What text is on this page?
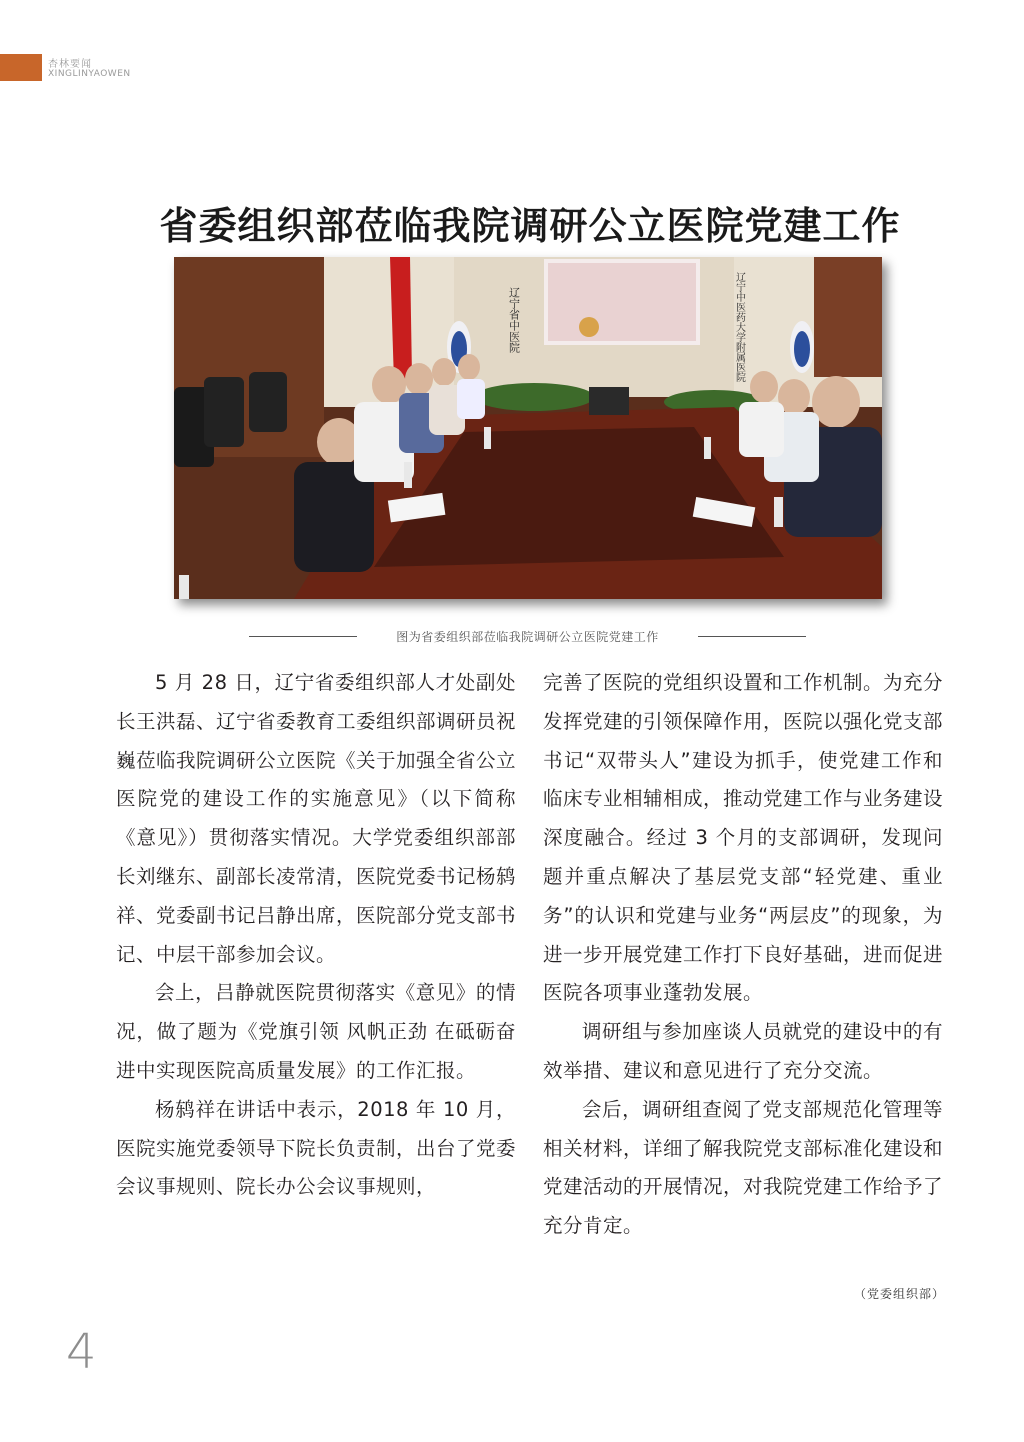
杏林要闻
XINGLINYAOWEN
省委组织部莅临我院调研公立医院党建工作
辽宁省中医院	辽宁中医药大学附属医院
图为省委组织部莅临我院调研公立医院党建工作

5 月 28 日，辽宁省委组织部人才处副处长王洪磊、辽宁省委教育工委组织部调研员祝巍莅临我院调研公立医院《关于加强全省公立医院党的建设工作的实施意见》（以下简称《意见》）贯彻落实情况。大学党委组织部部长刘继东、副部长凌常清，医院党委书记杨鸫祥、党委副书记吕静出席，医院部分党支部书记、中层干部参加会议。

会上，吕静就医院贯彻落实《意见》的情况，做了题为《党旗引领 风帆正劲 在砥砺奋进中实现医院高质量发展》的工作汇报。

杨鸫祥在讲话中表示，2018 年 10 月，医院实施党委领导下院长负责制，出台了党委会议事规则、院长办公会议事规则，

完善了医院的党组织设置和工作机制。为充分发挥党建的引领保障作用，医院以强化党支部书记“双带头人”建设为抓手，使党建工作和临床专业相辅相成，推动党建工作与业务建设深度融合。经过 3 个月的支部调研，发现问题并重点解决了基层党支部“轻党建、重业务”的认识和党建与业务“两层皮”的现象，为进一步开展党建工作打下良好基础，进而促进医院各项事业蓬勃发展。

调研组与参加座谈人员就党的建设中的有效举措、建议和意见进行了充分交流。

会后，调研组查阅了党支部规范化管理等相关材料，详细了解我院党支部标准化建设和党建活动的开展情况，对我院党建工作给予了充分肯定。

（党委组织部）
4
